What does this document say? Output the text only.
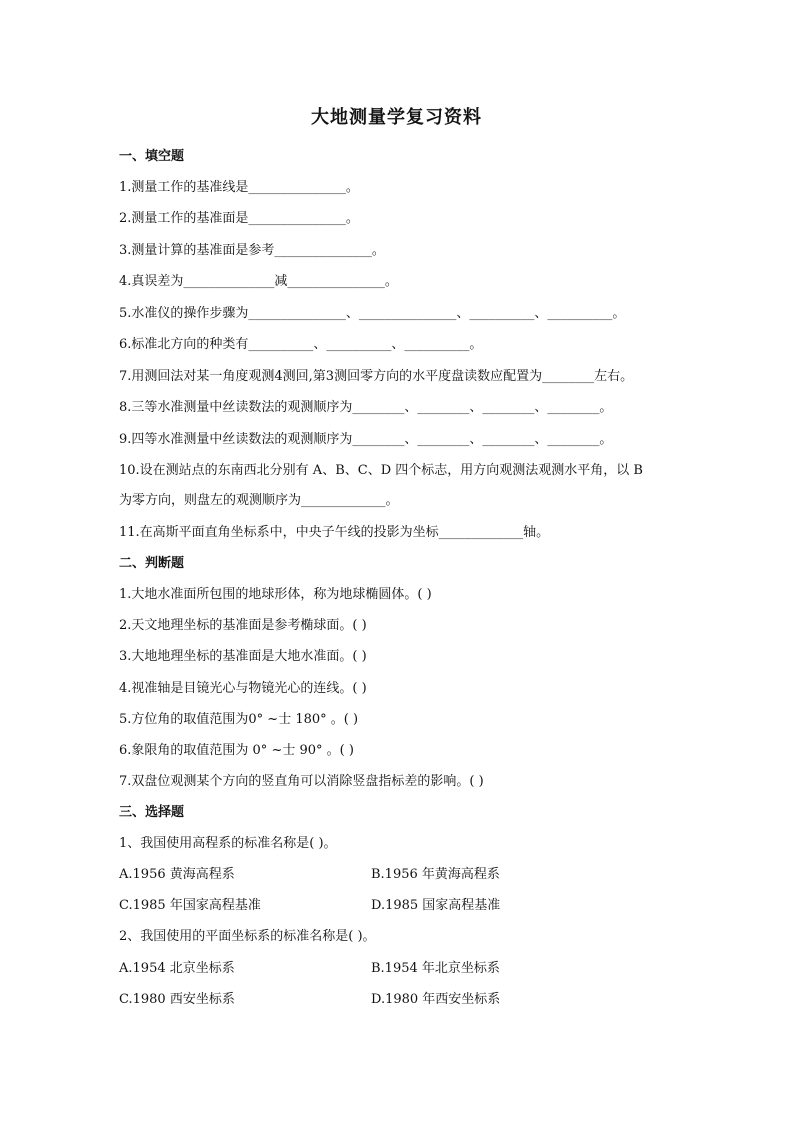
大地测量学复习资料
一、填空题
1.测量工作的基准线是_______________。
2.测量工作的基准面是_______________。
3.测量计算的基准面是参考_______________。
4.真误差为______________减_______________。
5.水准仪的操作步骤为_______________、_______________、__________、__________。
6.标准北方向的种类有__________、__________、__________。
7.用测回法对某一角度观测4测回,第3测回零方向的水平度盘读数应配置为________左右。
8.三等水准测量中丝读数法的观测顺序为________、________、________、________。
9.四等水准测量中丝读数法的观测顺序为________、________、________、________。
10.设在测站点的东南西北分别有 A、B、C、D 四个标志，用方向观测法观测水平角，以 B
为零方向，则盘左的观测顺序为_____________。
11.在高斯平面直角坐标系中，中央子午线的投影为坐标_____________轴。
二、判断题
1.大地水准面所包围的地球形体，称为地球椭圆体。( )
2.天文地理坐标的基准面是参考椭球面。( )
3.大地地理坐标的基准面是大地水准面。( )
4.视准轴是目镜光心与物镜光心的连线。( )
5.方位角的取值范围为0° ~士 180° 。( )
6.象限角的取值范围为 0° ~士 90° 。( )
7.双盘位观测某个方向的竖直角可以消除竖盘指标差的影响。( )
三、选择题
1、我国使用高程系的标准名称是( )。
A.1956 黄海高程系	B.1956 年黄海高程系
C.1985 年国家高程基准	D.1985 国家高程基准
2、我国使用的平面坐标系的标准名称是( )。
A.1954 北京坐标系	B.1954 年北京坐标系
C.1980 西安坐标系	D.1980 年西安坐标系
